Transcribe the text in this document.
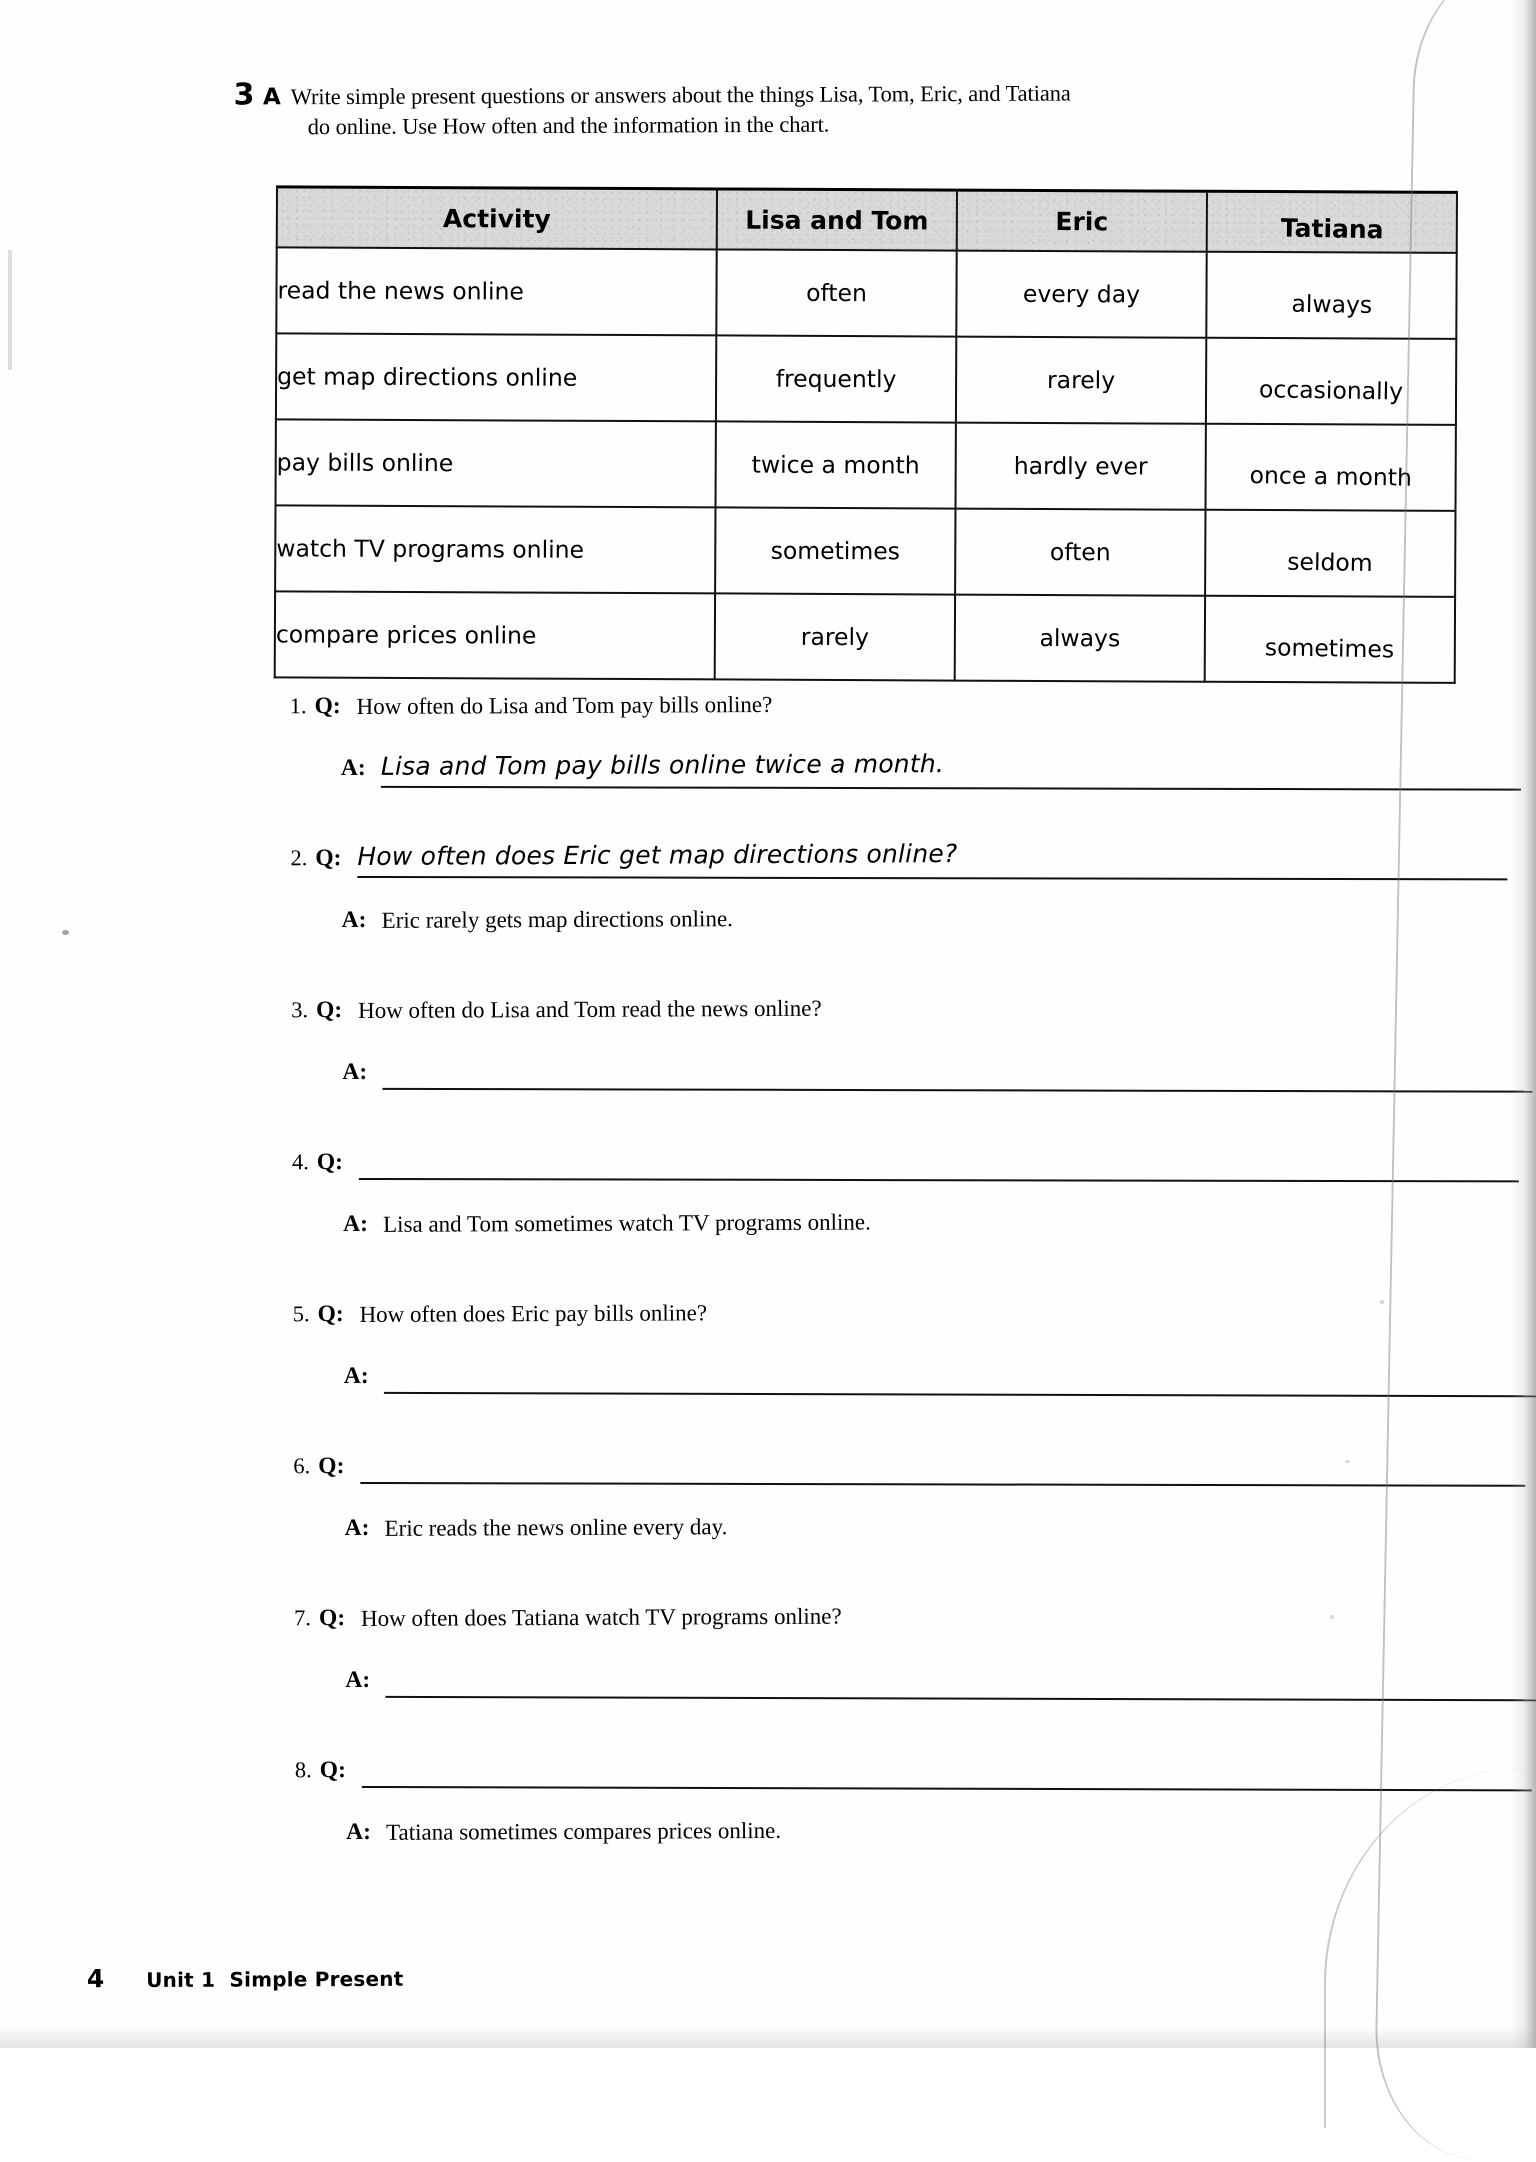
3 A Write simple present questions or answers about the things Lisa, Tom, Eric, and Tatiana
do online. Use How often and the information in the chart.
Activity	Lisa and Tom	Eric	Tatiana
read the news online	often	every day	always
get map directions online	frequently	rarely	occasionally
pay bills online	twice a month	hardly ever	once a month
watch TV programs online	sometimes	often	seldom
compare prices online	rarely	always	sometimes
1. Q: How often do Lisa and Tom pay bills online?
A: Lisa and Tom pay bills online twice a month.
2. Q: How often does Eric get map directions online?
A: Eric rarely gets map directions online.
3. Q: How often do Lisa and Tom read the news online?
A:
4. Q:
A: Lisa and Tom sometimes watch TV programs online.
5. Q: How often does Eric pay bills online?
A:
6. Q:
A: Eric reads the news online every day.
7. Q: How often does Tatiana watch TV programs online?
A:
8. Q:
A: Tatiana sometimes compares prices online.
4 Unit 1 Simple Present
